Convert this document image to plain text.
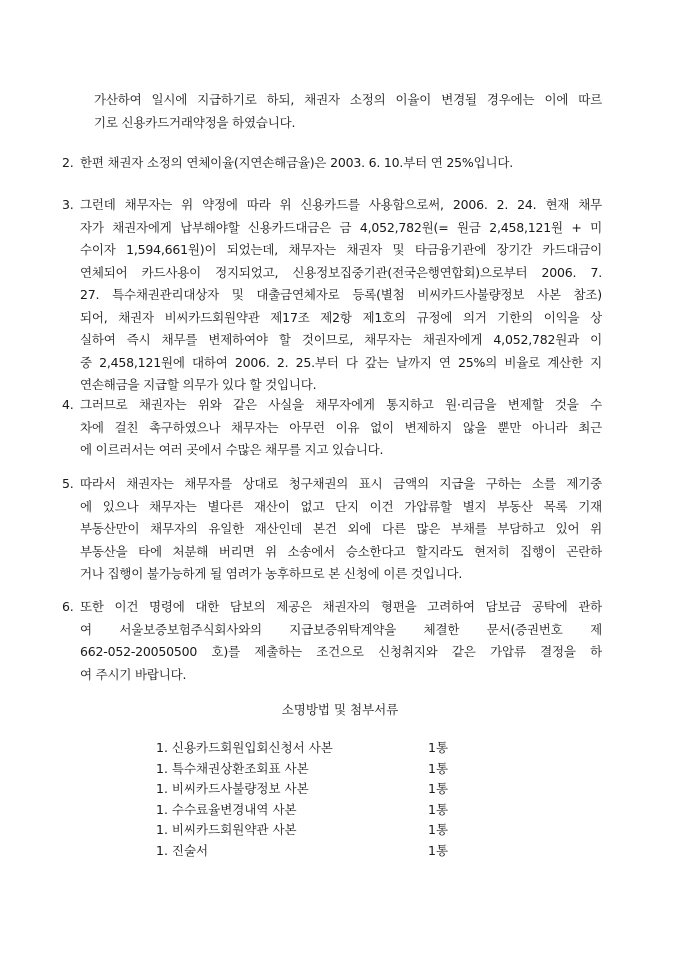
가산하여 일시에 지급하기로 하되, 채권자 소정의 이율이 변경될 경우에는 이에 따르
기로 신용카드거래약정을 하였습니다.
2. 한편 채권자 소정의 연체이율(지연손해금율)은 2003. 6. 10.부터 연 25%입니다.
3. 그런데 채무자는 위 약정에 따라 위 신용카드를 사용함으로써, 2006. 2. 24. 현재 채무
자가 채권자에게 납부해야할 신용카드대금은 금 4,052,782원(= 원금 2,458,121원 + 미
수이자 1,594,661원)이 되었는데, 채무자는 채권자 및 타금융기관에 장기간 카드대금이
연체되어 카드사용이 정지되었고, 신용정보집중기관(전국은행연합회)으로부터 2006. 7.
27. 특수채권관리대상자 및 대출금연체자로 등록(별첨 비씨카드사불량정보 사본 참조)
되어, 채권자 비씨카드회원약관 제17조 제2항 제1호의 규정에 의거 기한의 이익을 상
실하여 즉시 채무를 변제하여야 할 것이므로, 채무자는 채권자에게 4,052,782원과 이
중 2,458,121원에 대하여 2006. 2. 25.부터 다 갚는 날까지 연 25%의 비율로 계산한 지
연손해금을 지급할 의무가 있다 할 것입니다.
4. 그러므로 채권자는 위와 같은 사실을 채무자에게 통지하고 원·리금을 변제할 것을 수
차에 걸친 촉구하였으나 채무자는 아무런 이유 없이 변제하지 않을 뿐만 아니라 최근
에 이르러서는 여러 곳에서 수많은 채무를 지고 있습니다.
5. 따라서 채권자는 채무자를 상대로 청구채권의 표시 금액의 지급을 구하는 소를 제기중
에 있으나 채무자는 별다른 재산이 없고 단지 이건 가압류할 별지 부동산 목록 기재
부동산만이 채무자의 유일한 재산인데 본건 외에 다른 많은 부채를 부담하고 있어 위
부동산을 타에 처분해 버리면 위 소송에서 승소한다고 할지라도 현저히 집행이 곤란하
거나 집행이 불가능하게 될 염려가 농후하므로 본 신청에 이른 것입니다.
6. 또한 이건 명령에 대한 담보의 제공은 채권자의 형편을 고려하여 담보금 공탁에 관하
여 서울보증보험주식회사와의 지급보증위탁계약을 체결한 문서(증권번호 제
662-052-20050500 호)를 제출하는 조건으로 신청취지와 같은 가압류 결정을 하
여 주시기 바랍니다.
소명방법 및 첨부서류
1. 신용카드회원입회신청서 사본	1통
1. 특수채권상환조회표 사본	1통
1. 비씨카드사불량정보 사본	1통
1. 수수료율변경내역 사본	1통
1. 비씨카드회원약관 사본	1통
1. 진술서	1통
